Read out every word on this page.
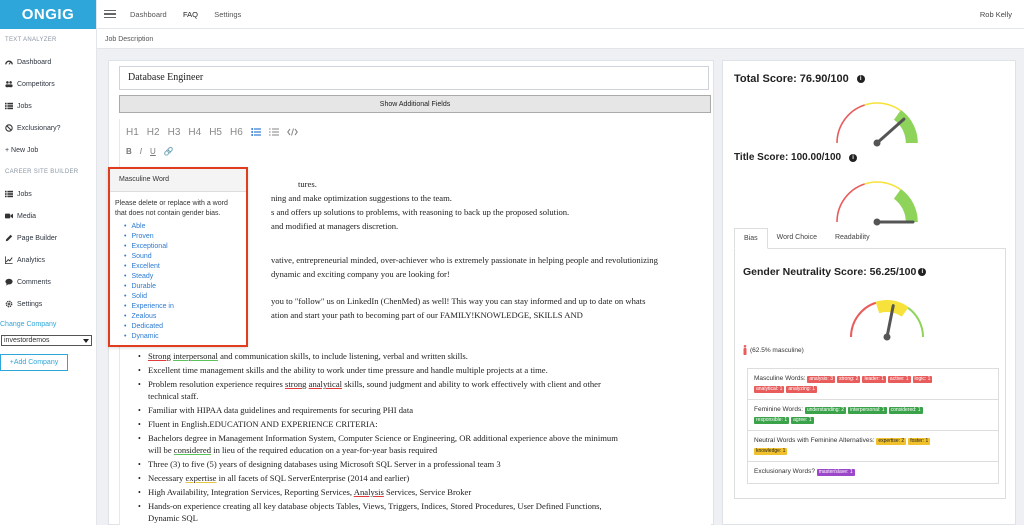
ONGIG
TEXT ANALYZER
Dashboard
Competitors
Jobs
Exclusionary?
+ New Job
CAREER SITE BUILDER
Jobs
Media
Page Builder
Analytics
Comments
Settings
Change Company
investordemos
+Add Company
Dashboard FAQ Settings	Rob Kelly
Job Description
Database Engineer
Show Additional Fields
H1 H2 H3 H4 H5 H6
B I U 🔗
tures.
ning and make optimization suggestions to the team.
s and offers up solutions to problems, with reasoning to back up the proposed solution.
and modified at managers discretion.
vative, entrepreneurial minded, over-achiever who is extremely passionate in helping people and revolutionizing
dynamic and exciting company you are looking for!
you to "follow" us on LinkedIn (ChenMed) as well! This way you can stay informed and up to date on whats
ation and start your path to becoming part of our FAMILY!KNOWLEDGE, SKILLS AND
• Strong interpersonal and communication skills, to include listening, verbal and written skills.
• Excellent time management skills and the ability to work under time pressure and handle multiple projects at a time.
• Problem resolution experience requires strong analytical skills, sound judgment and ability to work effectively with client and other
technical staff.
• Familiar with HIPAA data guidelines and requirements for securing PHI data
• Fluent in English.EDUCATION AND EXPERIENCE CRITERIA:
• Bachelors degree in Management Information System, Computer Science or Engineering, OR additional experience above the minimum
will be considered in lieu of the required education on a year-for-year basis required
• Three (3) to five (5) years of designing databases using Microsoft SQL Server in a professional team 3
• Necessary expertise in all facets of SQL ServerEnterprise (2014 and earlier)
• High Availability, Integration Services, Reporting Services, Analysis Services, Service Broker
• Hands-on experience creating all key database objects Tables, Views, Triggers, Indices, Stored Procedures, User Defined Functions,
Dynamic SQL
Masculine Word
Please delete or replace with a word that does not contain gender bias.
• Able
• Proven
• Exceptional
• Sound
• Excellent
• Steady
• Durable
• Solid
• Experience in
• Zealous
• Dedicated
• Dynamic
Total Score: 76.90/100	i
Title Score: 100.00/100	i
Bias	Word Choice	Readability
Gender Neutrality Score: 56.25/100 i
(62.5% masculine)
Masculine Words: analysis: 3 strong: 2 leader: 1 active: 1 logic: 1
analytical: 1 analyzing: 1
Feminine Words: understanding: 2 interpersonal: 1 considered: 1
responsible: 1 agree: 1
Neutral Words with Feminine Alternatives: expertise: 2 foster: 1
knowledge: 1
Exclusionary Words? master/slave: 1
